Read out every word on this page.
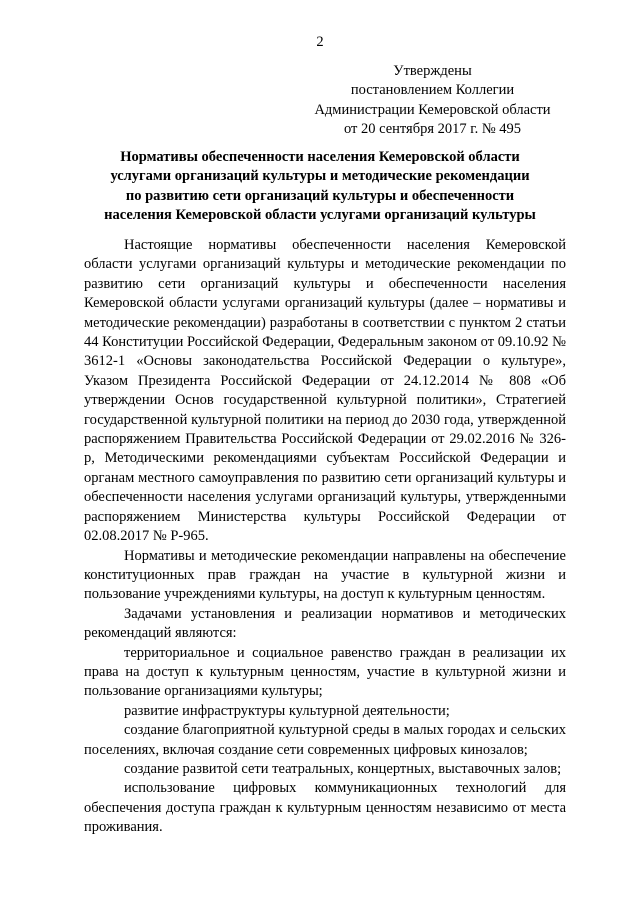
2
Утверждены
постановлением Коллегии
Администрации Кемеровской области
от 20 сентября 2017 г. № 495
Нормативы обеспеченности населения Кемеровской области
услугами организаций культуры и методические рекомендации
по развитию сети организаций культуры и обеспеченности
населения Кемеровской области услугами организаций культуры

Настоящие нормативы обеспеченности населения Кемеровской области услугами организаций культуры и методические рекомендации по развитию сети организаций культуры и обеспеченности населения Кемеровской области услугами организаций культуры (далее – нормативы и методические рекомендации) разработаны в соответствии с пунктом 2 статьи 44 Конституции Российской Федерации, Федеральным законом от 09.10.92 № 3612-1 «Основы законодательства Российской Федерации о культуре», Указом Президента Российской Федерации от 24.12.2014 № 808 «Об утверждении Основ государственной культурной политики», Стратегией государственной культурной политики на период до 2030 года, утвержденной распоряжением Правительства Российской Федерации от 29.02.2016 № 326-р, Методическими рекомендациями субъектам Российской Федерации и органам местного самоуправления по развитию сети организаций культуры и обеспеченности населения услугами организаций культуры, утвержденными распоряжением Министерства культуры Российской Федерации от 02.08.2017 № Р-965.

Нормативы и методические рекомендации направлены на обеспечение конституционных прав граждан на участие в культурной жизни и пользование учреждениями культуры, на доступ к культурным ценностям.

Задачами установления и реализации нормативов и методических рекомендаций являются:

территориальное и социальное равенство граждан в реализации их права на доступ к культурным ценностям, участие в культурной жизни и пользование организациями культуры;

развитие инфраструктуры культурной деятельности;

создание благоприятной культурной среды в малых городах и сельских поселениях, включая создание сети современных цифровых кинозалов;

создание развитой сети театральных, концертных, выставочных залов;

использование цифровых коммуникационных технологий для обеспечения доступа граждан к культурным ценностям независимо от места проживания.
